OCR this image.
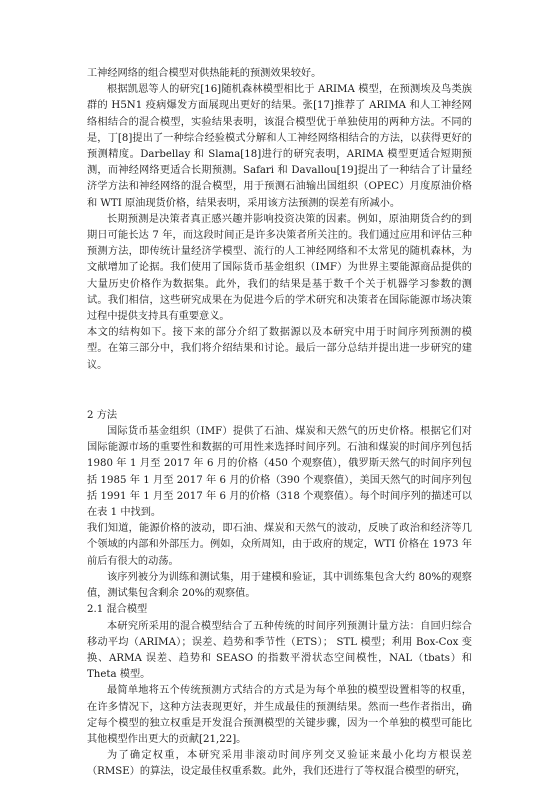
工神经网络的组合模型对供热能耗的预测效果较好。

根据凯恩等人的研究[16]随机森林模型相比于 ARIMA 模型，在预测埃及鸟类族群的 H5N1 疫病爆发方面展现出更好的结果。张[17]推荐了 ARIMA 和人工神经网络相结合的混合模型，实验结果表明，该混合模型优于单独使用的两种方法。不同的是，丁[8]提出了一种综合经验模式分解和人工神经网络相结合的方法，以获得更好的预测精度。Darbellay 和 Slama[18]进行的研究表明，ARIMA 模型更适合短期预测，而神经网络更适合长期预测。Safari 和 Davallou[19]提出了一种结合了计量经济学方法和神经网络的混合模型，用于预测石油输出国组织（OPEC）月度原油价格和 WTI 原油现货价格，结果表明，采用该方法预测的误差有所减小。

长期预测是决策者真正感兴趣并影响投资决策的因素。例如，原油期货合约的到期日可能长达 7 年，而这段时间正是许多决策者所关注的。我们通过应用和评估三种预测方法，即传统计量经济学模型、流行的人工神经网络和不太常见的随机森林，为文献增加了论据。我们使用了国际货币基金组织（IMF）为世界主要能源商品提供的大量历史价格作为数据集。此外，我们的结果是基于数千个关于机器学习参数的测试。我们相信，这些研究成果在为促进今后的学术研究和决策者在国际能源市场决策过程中提供支持具有重要意义。

本文的结构如下。接下来的部分介绍了数据源以及本研究中用于时间序列预测的模型。在第三部分中，我们将介绍结果和讨论。最后一部分总结并提出进一步研究的建议。

2 方法

国际货币基金组织（IMF）提供了石油、煤炭和天然气的历史价格。根据它们对国际能源市场的重要性和数据的可用性来选择时间序列。石油和煤炭的时间序列包括 1980 年 1 月至 2017 年 6 月的价格（450 个观察值），俄罗斯天然气的时间序列包括 1985 年 1 月至 2017 年 6 月的价格（390 个观察值），美国天然气的时间序列包括 1991 年 1 月至 2017 年 6 月的价格（318 个观察值）。每个时间序列的描述可以在表 1 中找到。

我们知道，能源价格的波动，即石油、煤炭和天然气的波动，反映了政治和经济等几个领域的内部和外部压力。例如，众所周知，由于政府的规定，WTI 价格在 1973 年前后有很大的动荡。

该序列被分为训练和测试集，用于建模和验证，其中训练集包含大约 80%的观察值，测试集包含剩余 20%的观察值。

2.1 混合模型

本研究所采用的混合模型结合了五种传统的时间序列预测计量方法：自回归综合移动平均（ARIMA）；误差、趋势和季节性（ETS）； STL 模型；利用 Box-Cox 变换、ARMA 误差、趋势和 SEASO 的指数平滑状态空间模性，NAL（tbats）和 Theta 模型。

最简单地将五个传统预测方式结合的方式是为每个单独的模型设置相等的权重，在许多情况下，这种方法表现更好，并生成最佳的预测结果。然而一些作者指出，确定每个模型的独立权重是开发混合预测模型的关键步骤，因为一个单独的模型可能比其他模型作出更大的贡献[21,22]。

为了确定权重，本研究采用非滚动时间序列交叉验证来最小化均方根误差（RMSE）的算法，设定最佳权重系数。此外，我们还进行了等权混合模型的研究，
